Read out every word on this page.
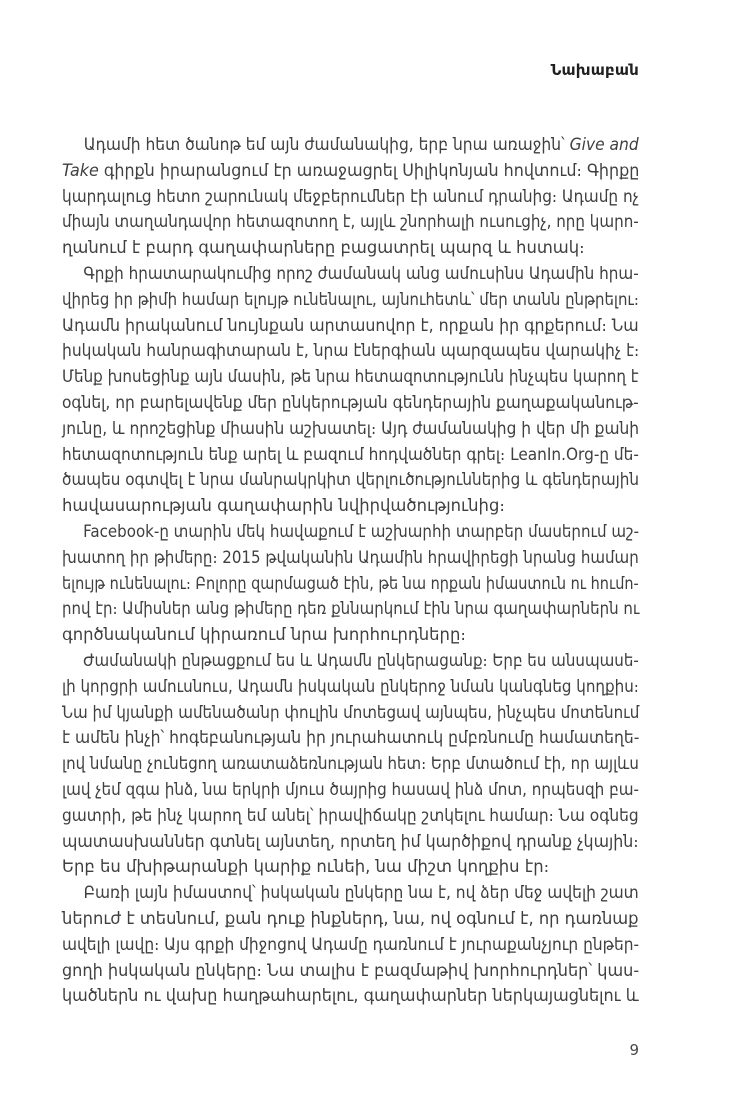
Նախաբան
Ադամի հետ ծանոթ եմ այն ժամանակից, երբ նրա առաջին՝ Give and
Take գիրքն իրարանցում էր առաջացրել Սիլիկոնյան հովտում։ Գիրքը
կարդալուց հետո շարունակ մեջբերումներ էի անում դրանից։ Ադամը ոչ
միայն տաղանդավոր հետազոտող է, այլև շնորհալի ուսուցիչ, որը կարո-
ղանում է բարդ գաղափարները բացատրել պարզ և հստակ։
Գրքի հրատարակումից որոշ ժամանակ անց ամուսինս Ադամին հրա-
վիրեց իր թիմի համար ելույթ ունենալու, այնուհետև՝ մեր տանն ընթրելու։
Ադամն իրականում նույնքան արտասովոր է, որքան իր գրքերում։ Նա
իսկական հանրագիտարան է, նրա էներգիան պարզապես վարակիչ է։
Մենք խոսեցինք այն մասին, թե նրա հետազոտությունն ինչպես կարող է
օգնել, որ բարելավենք մեր ընկերության գենդերային քաղաքականութ-
յունը, և որոշեցինք միասին աշխատել։ Այդ ժամանակից ի վեր մի քանի
հետազոտություն ենք արել և բազում հոդվածներ գրել։ LeanIn.Org-ը մե-
ծապես օգտվել է նրա մանրակրկիտ վերլուծություններից և գենդերային
հավասարության գաղափարին նվիրվածությունից։
Facebook-ը տարին մեկ հավաքում է աշխարհի տարբեր մասերում աշ-
խատող իր թիմերը։ 2015 թվականին Ադամին հրավիրեցի նրանց համար
ելույթ ունենալու։ Բոլորը զարմացած էին, թե նա որքան իմաստուն ու հումո-
րով էր։ Ամիսներ անց թիմերը դեռ քննարկում էին նրա գաղափարներն ու
գործնականում կիրառում նրա խորհուրդները։
Ժամանակի ընթացքում ես և Ադամն ընկերացանք։ Երբ ես անսպասե-
լի կորցրի ամուսնուս, Ադամն իսկական ընկերոջ նման կանգնեց կողքիս։
Նա իմ կյանքի ամենածանր փուլին մոտեցավ այնպես, ինչպես մոտենում
է ամեն ինչի՝ հոգեբանության իր յուրահատուկ ըմբռնումը համատեղե-
լով նմանը չունեցող առատաձեռնության հետ։ Երբ մտածում էի, որ այլևս
լավ չեմ զգա ինձ, նա երկրի մյուս ծայրից հասավ ինձ մոտ, որպեսզի բա-
ցատրի, թե ինչ կարող եմ անել՝ իրավիճակը շտկելու համար։ Նա օգնեց
պատասխաններ գտնել այնտեղ, որտեղ իմ կարծիքով դրանք չկային։
Երբ ես մխիթարանքի կարիք ունեի, նա միշտ կողքիս էր։
Բառի լայն իմաստով՝ իսկական ընկերը նա է, ով ձեր մեջ ավելի շատ
ներուժ է տեսնում, քան դուք ինքներդ, նա, ով օգնում է, որ դառնաք
ավելի լավը։ Այս գրքի միջոցով Ադամը դառնում է յուրաքանչյուր ընթեր-
ցողի իսկական ընկերը։ Նա տալիս է բազմաթիվ խորհուրդներ՝ կաս-
կածներն ու վախը հաղթահարելու, գաղափարներ ներկայացնելու և
9
